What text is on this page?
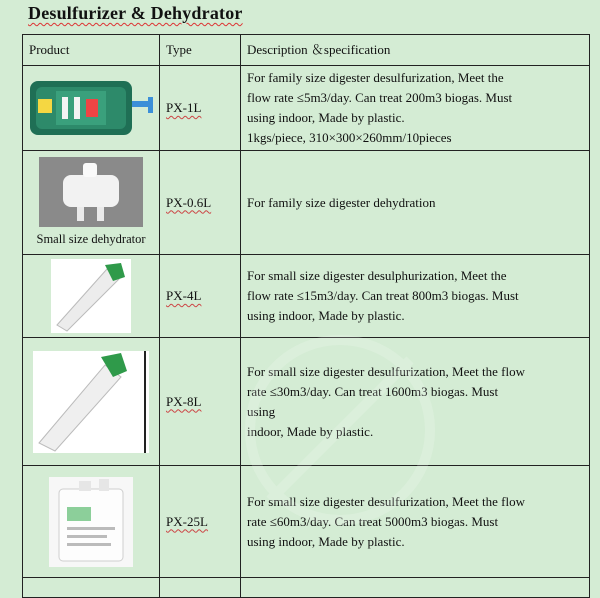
Desulfurizer & Dehydrator
Product	Type	Description ＆specification

	PX-1L	For family size digester desulfurization, Meet the
flow rate ≤5m3/day. Can treat 200m3 biogas. Must
using indoor, Made by plastic.
1kgs/piece, 310×300×260mm/10pieces

Small size dehydrator	PX-0.6L	For family size digester dehydration

	PX-4L	For small size digester desulphurization, Meet the
flow rate ≤15m3/day. Can treat 800m3 biogas. Must
using indoor, Made by plastic.

	PX-8L	For small size digester desulfurization, Meet the flow
rate ≤30m3/day. Can treat 1600m3 biogas. Must
using
indoor, Made by plastic.

	PX-25L	For small size digester desulfurization, Meet the flow
rate ≤60m3/day. Can treat 5000m3 biogas. Must
using indoor, Made by plastic.
